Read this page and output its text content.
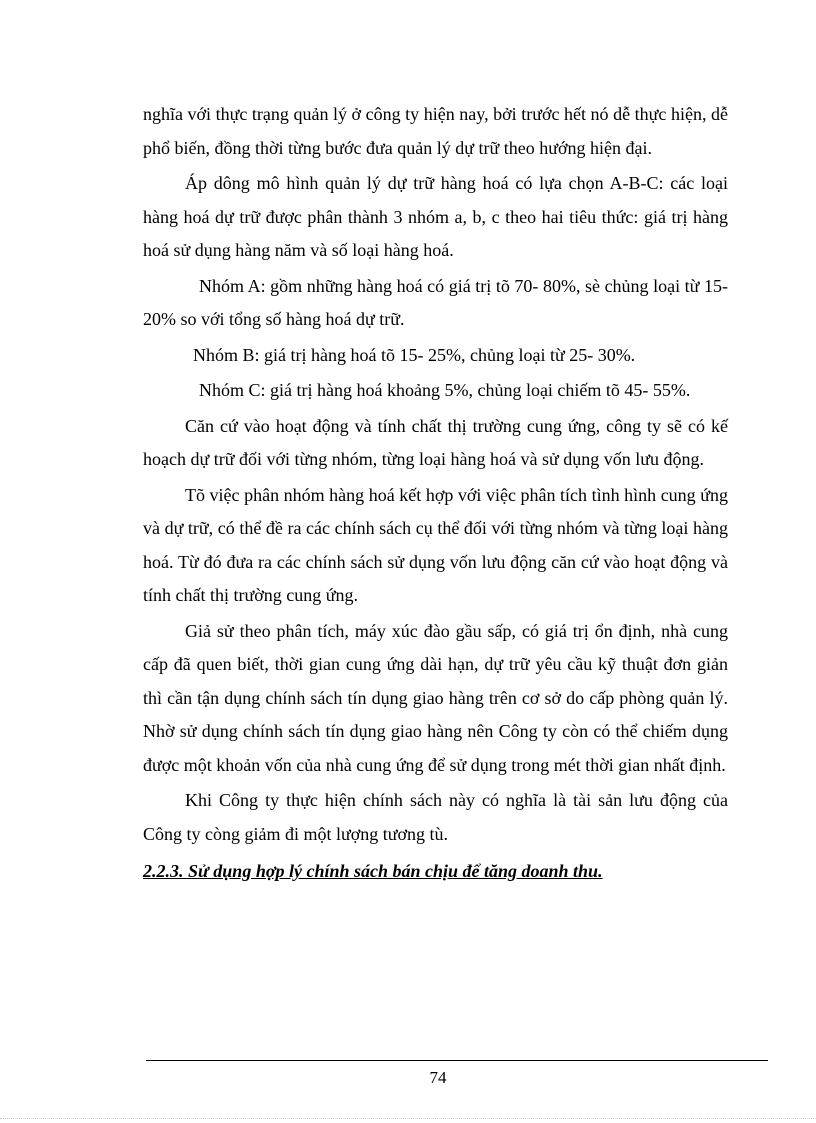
nghĩa với thực trạng quản lý ở công ty hiện nay, bởi trước hết nó dễ thực hiện, dễ phổ biến, đồng thời từng bước đưa quản lý dự trữ theo hướng hiện đại.

Áp dông mô hình quản lý dự trữ hàng hoá có lựa chọn A-B-C: các loại hàng hoá dự trữ được phân thành 3 nhóm a, b, c theo hai tiêu thức: giá trị hàng hoá sử dụng hàng năm và số loại hàng hoá.

Nhóm A: gồm những hàng hoá có giá trị tõ 70- 80%, sè chủng loại từ 15- 20% so với tổng số hàng hoá dự trữ.

Nhóm B: giá trị hàng hoá tõ 15- 25%, chủng loại từ 25- 30%.

Nhóm C: giá trị hàng hoá khoảng 5%, chủng loại chiếm tõ 45- 55%.

Căn cứ vào hoạt động và tính chất thị trường cung ứng, công ty sẽ có kế hoạch dự trữ đối với từng nhóm, từng loại hàng hoá và sử dụng vốn lưu động.

Tõ việc phân nhóm hàng hoá kết hợp với việc phân tích tình hình cung ứng và dự trữ, có thể đề ra các chính sách cụ thể đối với từng nhóm và từng loại hàng hoá. Từ đó đưa ra các chính sách sử dụng vốn lưu động căn cứ vào hoạt động và tính chất thị trường cung ứng.

Giả sử theo phân tích, máy xúc đào gầu sấp, có giá trị ổn định, nhà cung cấp đã quen biết, thời gian cung ứng dài hạn, dự trữ yêu cầu kỹ thuật đơn giản thì cần tận dụng chính sách tín dụng giao hàng trên cơ sở do cấp phòng quản lý. Nhờ sử dụng chính sách tín dụng giao hàng nên Công ty còn có thể chiếm dụng được một khoản vốn của nhà cung ứng để sử dụng trong mét thời gian nhất định.

Khi Công ty thực hiện chính sách này có nghĩa là tài sản lưu động của Công ty còng giảm đi một lượng tương tù.

2.2.3. Sử dụng hợp lý chính sách bán chịu để tăng doanh thu.
74
